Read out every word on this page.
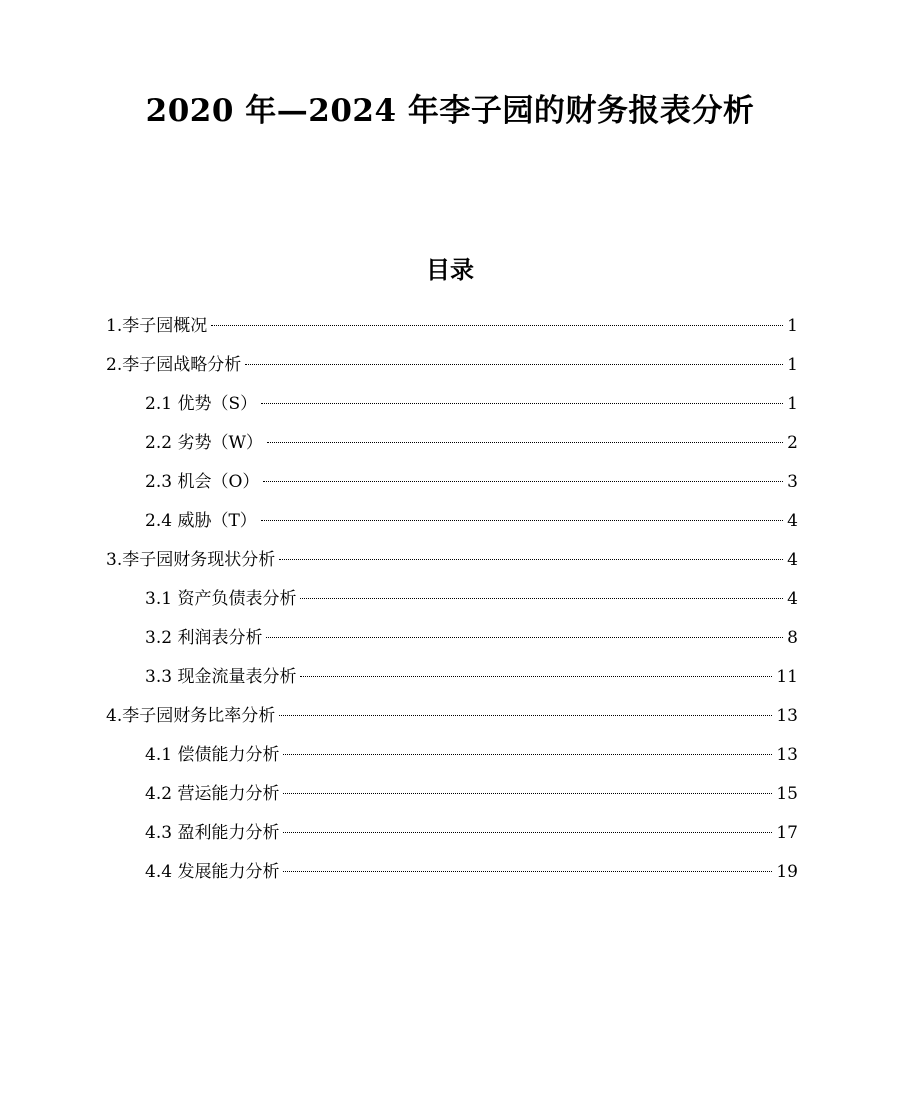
2020 年—2024 年李子园的财务报表分析
目录
1.李子园概况	1
2.李子园战略分析	1
2.1 优势（S）	1
2.2 劣势（W）	2
2.3 机会（O）	3
2.4 威胁（T）	4
3.李子园财务现状分析	4
3.1 资产负债表分析	4
3.2 利润表分析	8
3.3 现金流量表分析	11
4.李子园财务比率分析	13
4.1 偿债能力分析	13
4.2 营运能力分析	15
4.3 盈利能力分析	17
4.4 发展能力分析	19
